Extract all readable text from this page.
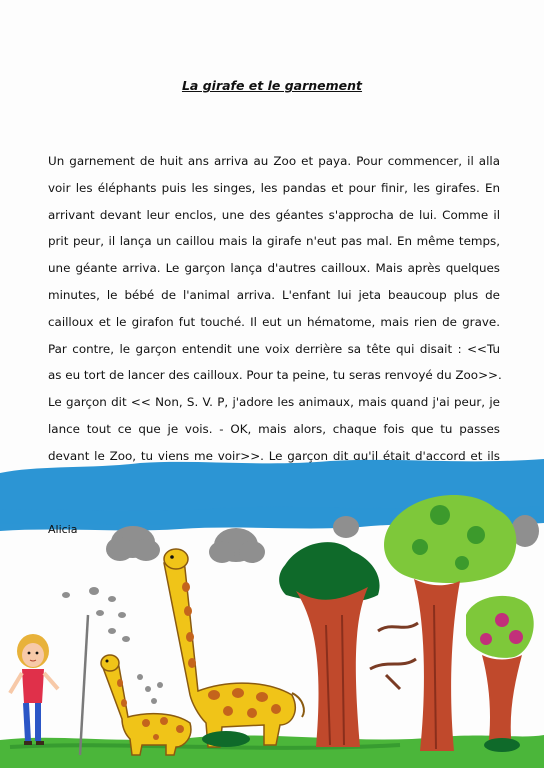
La girafe et le garnement
Un garnement de huit ans arriva au Zoo et paya. Pour commencer, il alla
voir les éléphants puis les singes, les pandas et pour finir, les girafes. En
arrivant devant leur enclos, une des géantes s'approcha de lui. Comme il
prit peur, il lança un caillou mais la girafe n'eut pas mal. En même temps,
une géante arriva. Le garçon lança d'autres cailloux. Mais après quelques
minutes, le bébé de l'animal arriva. L'enfant lui jeta beaucoup plus de
cailloux et le girafon fut touché. Il eut un hématome, mais rien de grave.
Par contre, le garçon entendit une voix derrière sa tête qui disait : <<Tu
as eu tort de lancer des cailloux. Pour ta peine, tu seras renvoyé du Zoo>>.
Le garçon dit << Non, S. V. P, j'adore les animaux, mais quand j'ai peur, je
lance tout ce que je vois. - OK, mais alors, chaque fois que tu passes
devant le Zoo, tu viens me voir>>. Le garçon dit qu'il était d'accord et ils
Alicia
